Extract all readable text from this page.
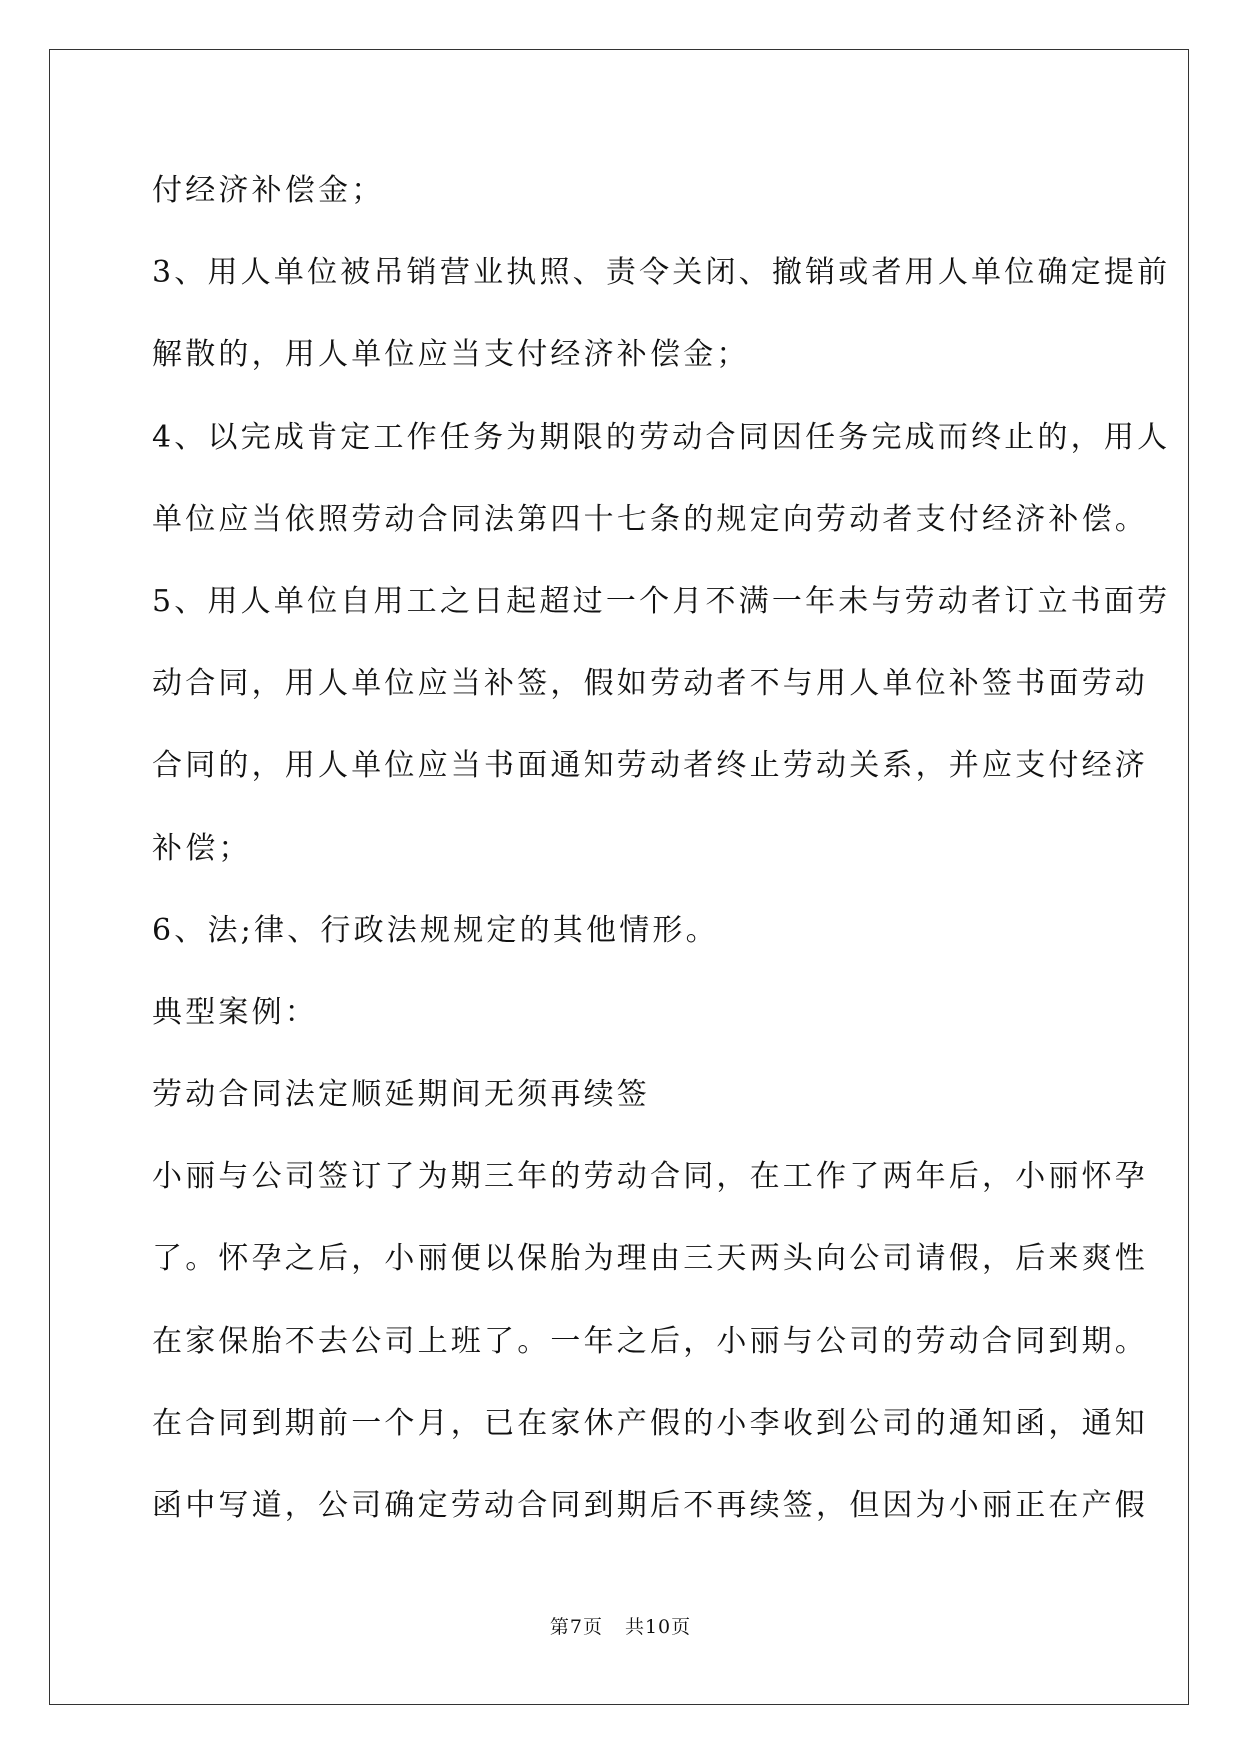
付经济补偿金；
3、用人单位被吊销营业执照、责令关闭、撤销或者用人单位确定提前
解散的，用人单位应当支付经济补偿金；
4、以完成肯定工作任务为期限的劳动合同因任务完成而终止的，用人
单位应当依照劳动合同法第四十七条的规定向劳动者支付经济补偿。
5、用人单位自用工之日起超过一个月不满一年未与劳动者订立书面劳
动合同，用人单位应当补签，假如劳动者不与用人单位补签书面劳动
合同的，用人单位应当书面通知劳动者终止劳动关系，并应支付经济
补偿；
6、法;律、行政法规规定的其他情形。
典型案例：
劳动合同法定顺延期间无须再续签
小丽与公司签订了为期三年的劳动合同，在工作了两年后，小丽怀孕
了。怀孕之后，小丽便以保胎为理由三天两头向公司请假，后来爽性
在家保胎不去公司上班了。一年之后，小丽与公司的劳动合同到期。
在合同到期前一个月，已在家休产假的小李收到公司的通知函，通知
函中写道，公司确定劳动合同到期后不再续签，但因为小丽正在产假
第7页 共10页
